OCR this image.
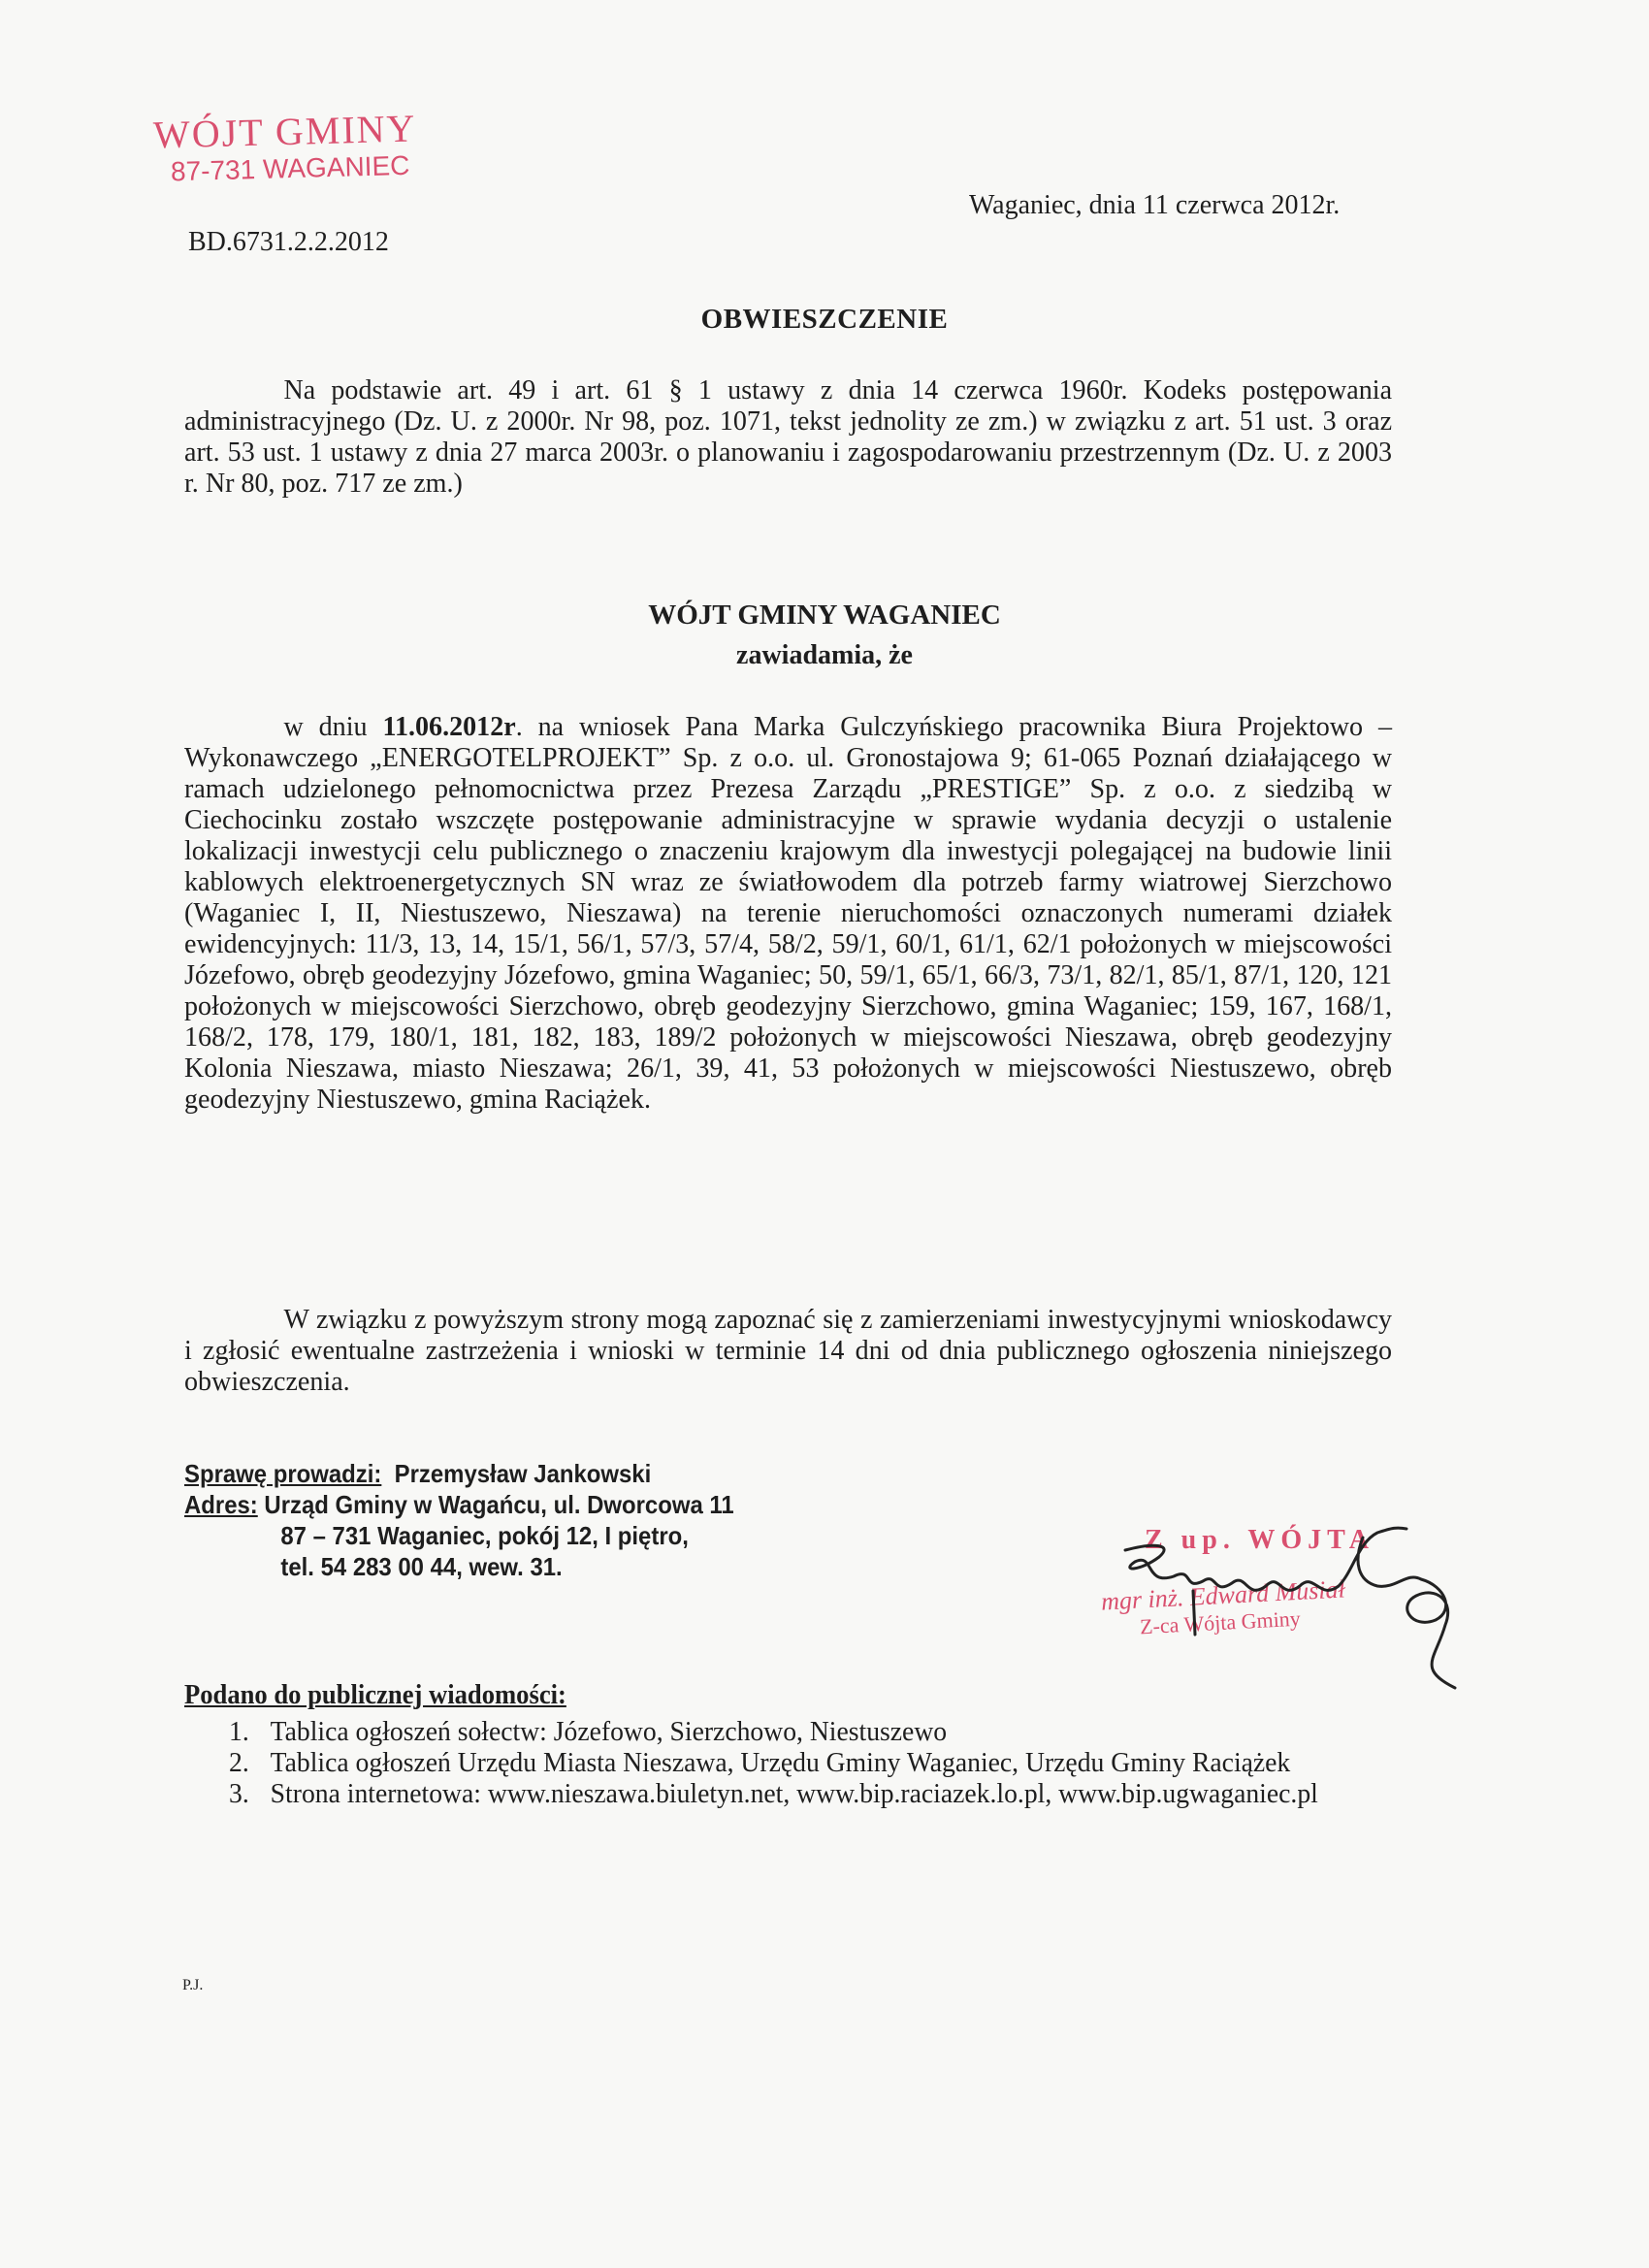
WÓJT GMINY
87-731 WAGANIEC
BD.6731.2.2.2012
Waganiec, dnia 11 czerwca 2012r.
OBWIESZCZENIE
Na podstawie art. 49 i art. 61 § 1 ustawy z dnia 14 czerwca 1960r. Kodeks postępowania administracyjnego (Dz. U. z 2000r. Nr 98, poz. 1071, tekst jednolity ze zm.) w związku z art. 51 ust. 3 oraz art. 53 ust. 1 ustawy z dnia 27 marca 2003r. o planowaniu i zagospodarowaniu przestrzennym (Dz. U. z 2003 r. Nr 80, poz. 717 ze zm.)
WÓJT GMINY WAGANIEC
zawiadamia, że
w dniu 11.06.2012r. na wniosek Pana Marka Gulczyńskiego pracownika Biura Projektowo – Wykonawczego „ENERGOTELPROJEKT” Sp. z o.o. ul. Gronostajowa 9; 61-065 Poznań działającego w ramach udzielonego pełnomocnictwa przez Prezesa Zarządu „PRESTIGE” Sp. z o.o. z siedzibą w Ciechocinku zostało wszczęte postępowanie administracyjne w sprawie wydania decyzji o ustalenie lokalizacji inwestycji celu publicznego o znaczeniu krajowym dla inwestycji polegającej na budowie linii kablowych elektroenergetycznych SN wraz ze światłowodem dla potrzeb farmy wiatrowej Sierzchowo (Waganiec I, II, Niestuszewo, Nieszawa) na terenie nieruchomości oznaczonych numerami działek ewidencyjnych: 11/3, 13, 14, 15/1, 56/1, 57/3, 57/4, 58/2, 59/1, 60/1, 61/1, 62/1 położonych w miejscowości Józefowo, obręb geodezyjny Józefowo, gmina Waganiec; 50, 59/1, 65/1, 66/3, 73/1, 82/1, 85/1, 87/1, 120, 121 położonych w miejscowości Sierzchowo, obręb geodezyjny Sierzchowo, gmina Waganiec; 159, 167, 168/1, 168/2, 178, 179, 180/1, 181, 182, 183, 189/2 położonych w miejscowości Nieszawa, obręb geodezyjny Kolonia Nieszawa, miasto Nieszawa; 26/1, 39, 41, 53 położonych w miejscowości Niestuszewo, obręb geodezyjny Niestuszewo, gmina Raciążek.
W związku z powyższym strony mogą zapoznać się z zamierzeniami inwestycyjnymi wnioskodawcy i zgłosić ewentualne zastrzeżenia i wnioski w terminie 14 dni od dnia publicznego ogłoszenia niniejszego obwieszczenia.
Sprawę prowadzi: Przemysław Jankowski
Adres: Urząd Gminy w Wagańcu, ul. Dworcowa 11
87 – 731 Waganiec, pokój 12, I piętro,
tel. 54 283 00 44, wew. 31.
Z up. WÓJTA
mgr inż. Edward Musiał
Z-ca Wójta Gminy
Podano do publicznej wiadomości:
1. Tablica ogłoszeń sołectw: Józefowo, Sierzchowo, Niestuszewo
2. Tablica ogłoszeń Urzędu Miasta Nieszawa, Urzędu Gminy Waganiec, Urzędu Gminy Raciążek
3. Strona internetowa: www.nieszawa.biuletyn.net, www.bip.raciazek.lo.pl, www.bip.ugwaganiec.pl
P.J.
